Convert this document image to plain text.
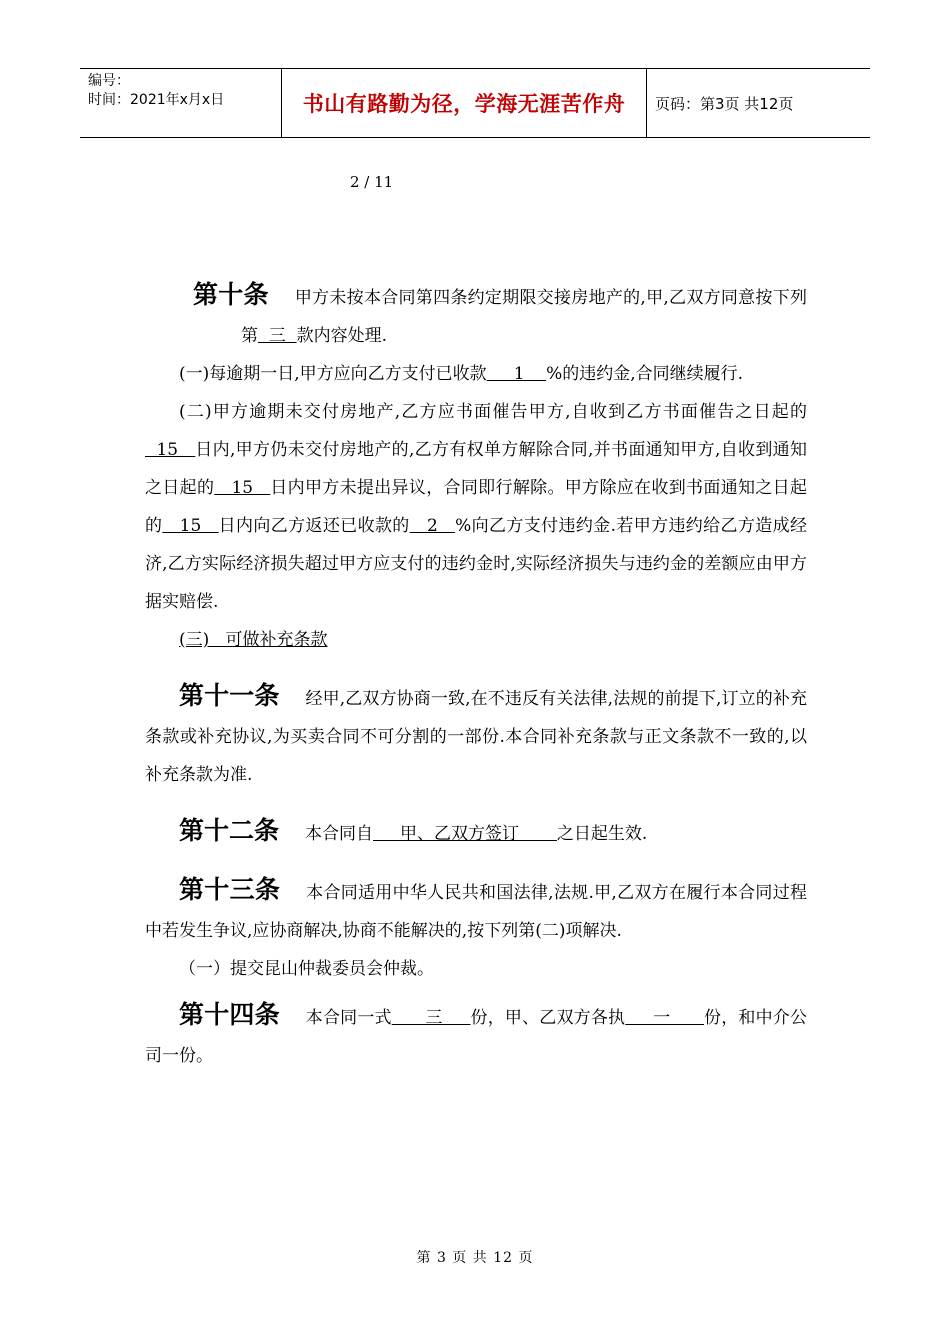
编号：
时间：2021年x月x日	书山有路勤为径，学海无涯苦作舟	页码：第3页 共12页
2 / 11

第十条 甲方未按本合同第四条约定期限交接房地产的,甲,乙双方同意按下列第  三  款内容处理.

(一)每逾期一日,甲方应向乙方支付已收款     1    %的违约金,合同继续履行.

(二)甲方逾期未交付房地产,乙方应书面催告甲方,自收到乙方书面催告之日起的  15   日内,甲方仍未交付房地产的,乙方有权单方解除合同,并书面通知甲方,自收到通知之日起的   15   日内甲方未提出异议，合同即行解除。甲方除应在收到书面通知之日起的   15   日内向乙方返还已收款的   2   %向乙方支付违约金.若甲方违约给乙方造成经济,乙方实际经济损失超过甲方应支付的违约金时,实际经济损失与违约金的差额应由甲方据实赔偿.

(三)   可做补充条款

第十一条 经甲,乙双方协商一致,在不违反有关法律,法规的前提下,订立的补充条款或补充协议,为买卖合同不可分割的一部份.本合同补充条款与正文条款不一致的,以补充条款为准.

第十二条 本合同自     甲、乙双方签订       之日起生效.

第十三条 本合同适用中华人民共和国法律,法规.甲,乙双方在履行本合同过程中若发生争议,应协商解决,协商不能解决的,按下列第(二)项解决.

（一）提交昆山仲裁委员会仲裁。

第十四条 本合同一式      三     份，甲、乙双方各执     一      份，和中介公司一份。

第 3 页 共 12 页
